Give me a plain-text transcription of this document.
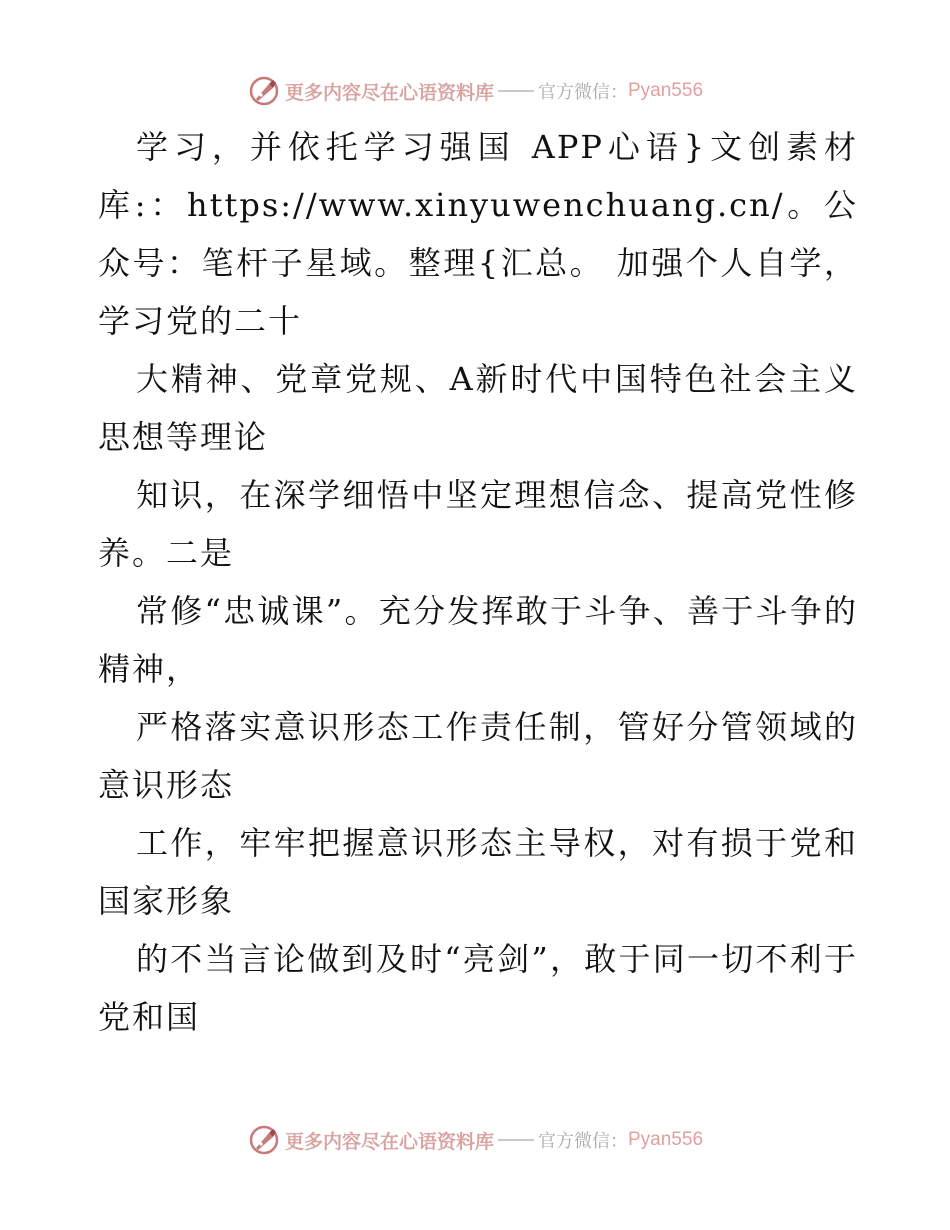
更多内容尽在心语资料库 官方微信： Pyan556

学习，并依托学习强国 APP心语}文创素材库:：https://www.xinyuwenchuang.cn/。公众号：笔杆子星域。整理{汇总。 加强个人自学，学习党的二十

大精神、党章党规、A新时代中国特色社会主义思想等理论

知识，在深学细悟中坚定理想信念、提高党性修养。二是

常修“忠诚课”。充分发挥敢于斗争、善于斗争的精神，

严格落实意识形态工作责任制，管好分管领域的意识形态

工作，牢牢把握意识形态主导权，对有损于党和国家形象

的不当言论做到及时“亮剑”，敢于同一切不利于党和国

更多内容尽在心语资料库 官方微信： Pyan556
